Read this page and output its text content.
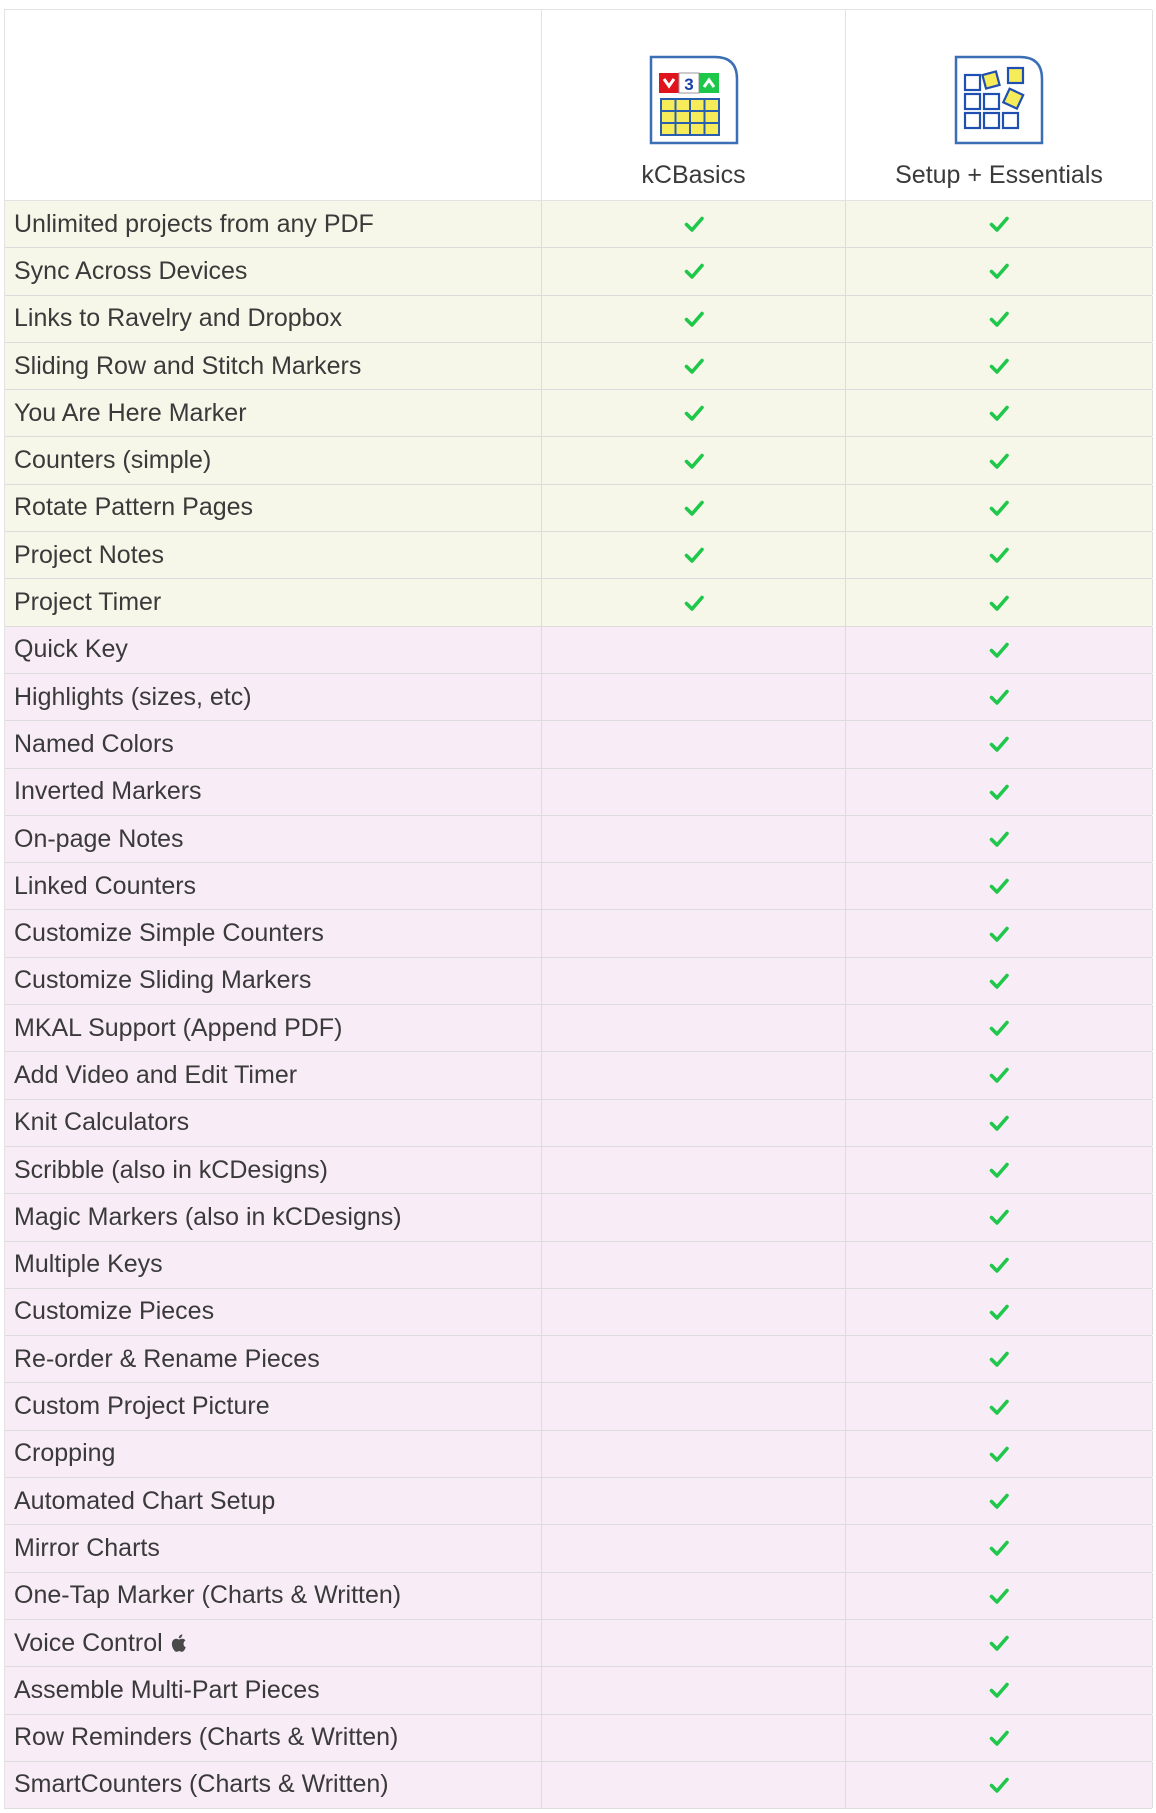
3
kCBasics	Setup + Essentials
Unlimited projects from any PDF
Sync Across Devices
Links to Ravelry and Dropbox
Sliding Row and Stitch Markers
You Are Here Marker
Counters (simple)
Rotate Pattern Pages
Project Notes
Project Timer
Quick Key
Highlights (sizes, etc)
Named Colors
Inverted Markers
On-page Notes
Linked Counters
Customize Simple Counters
Customize Sliding Markers
MKAL Support (Append PDF)
Add Video and Edit Timer
Knit Calculators
Scribble (also in kCDesigns)
Magic Markers (also in kCDesigns)
Multiple Keys
Customize Pieces
Re-order & Rename Pieces
Custom Project Picture
Cropping
Automated Chart Setup
Mirror Charts
One-Tap Marker (Charts & Written)
Voice Control
Assemble Multi-Part Pieces
Row Reminders (Charts & Written)
SmartCounters (Charts & Written)
